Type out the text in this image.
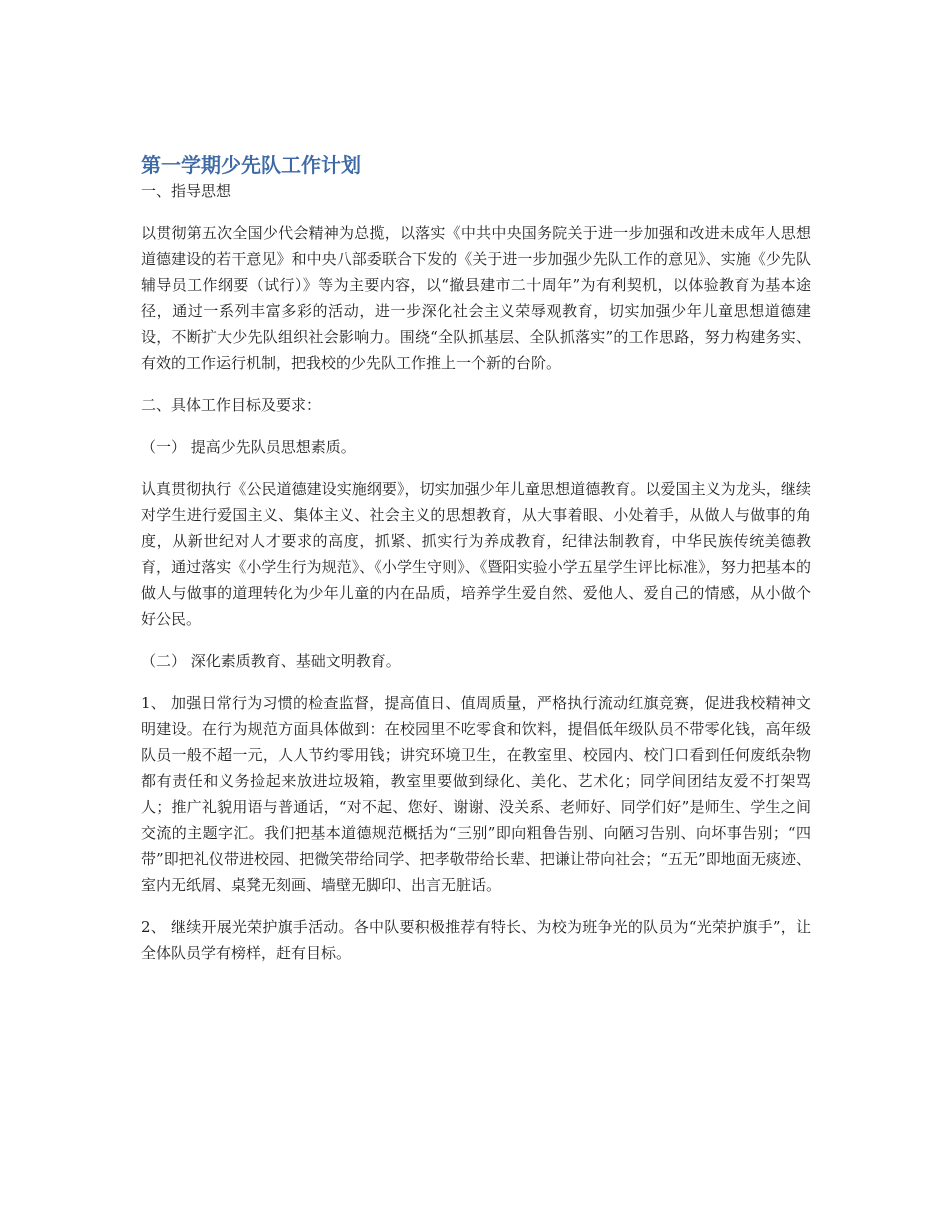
第一学期少先队工作计划

一、指导思想

以贯彻第五次全国少代会精神为总揽，以落实《中共中央国务院关于进一步加强和改进未成年人思想道德建设的若干意见》和中央八部委联合下发的《关于进一步加强少先队工作的意见》、实施《少先队辅导员工作纲要（试行）》等为主要内容，以“撤县建市二十周年”为有利契机，以体验教育为基本途径，通过一系列丰富多彩的活动，进一步深化社会主义荣辱观教育，切实加强少年儿童思想道德建设，不断扩大少先队组织社会影响力。围绕“全队抓基层、全队抓落实”的工作思路，努力构建务实、有效的工作运行机制，把我校的少先队工作推上一个新的台阶。

二、具体工作目标及要求：

（一） 提高少先队员思想素质。

认真贯彻执行《公民道德建设实施纲要》，切实加强少年儿童思想道德教育。以爱国主义为龙头，继续对学生进行爱国主义、集体主义、社会主义的思想教育，从大事着眼、小处着手，从做人与做事的角度，从新世纪对人才要求的高度，抓紧、抓实行为养成教育，纪律法制教育，中华民族传统美德教育，通过落实《小学生行为规范》、《小学生守则》、《暨阳实验小学五星学生评比标准》，努力把基本的做人与做事的道理转化为少年儿童的内在品质，培养学生爱自然、爱他人、爱自己的情感，从小做个好公民。

（二） 深化素质教育、基础文明教育。

1、 加强日常行为习惯的检查监督，提高值日、值周质量，严格执行流动红旗竞赛，促进我校精神文明建设。在行为规范方面具体做到：在校园里不吃零食和饮料，提倡低年级队员不带零化钱，高年级队员一般不超一元，人人节约零用钱；讲究环境卫生，在教室里、校园内、校门口看到任何废纸杂物都有责任和义务捡起来放进垃圾箱，教室里要做到绿化、美化、艺术化；同学间团结友爱不打架骂人；推广礼貌用语与普通话，“对不起、您好、谢谢、没关系、老师好、同学们好”是师生、学生之间交流的主题字汇。我们把基本道德规范概括为“三别”即向粗鲁告别、向陋习告别、向坏事告别；“四带”即把礼仪带进校园、把微笑带给同学、把孝敬带给长辈、把谦让带向社会；“五无”即地面无痰迹、室内无纸屑、桌凳无刻画、墙壁无脚印、出言无脏话。

2、 继续开展光荣护旗手活动。各中队要积极推荐有特长、为校为班争光的队员为“光荣护旗手”，让全体队员学有榜样，赶有目标。
